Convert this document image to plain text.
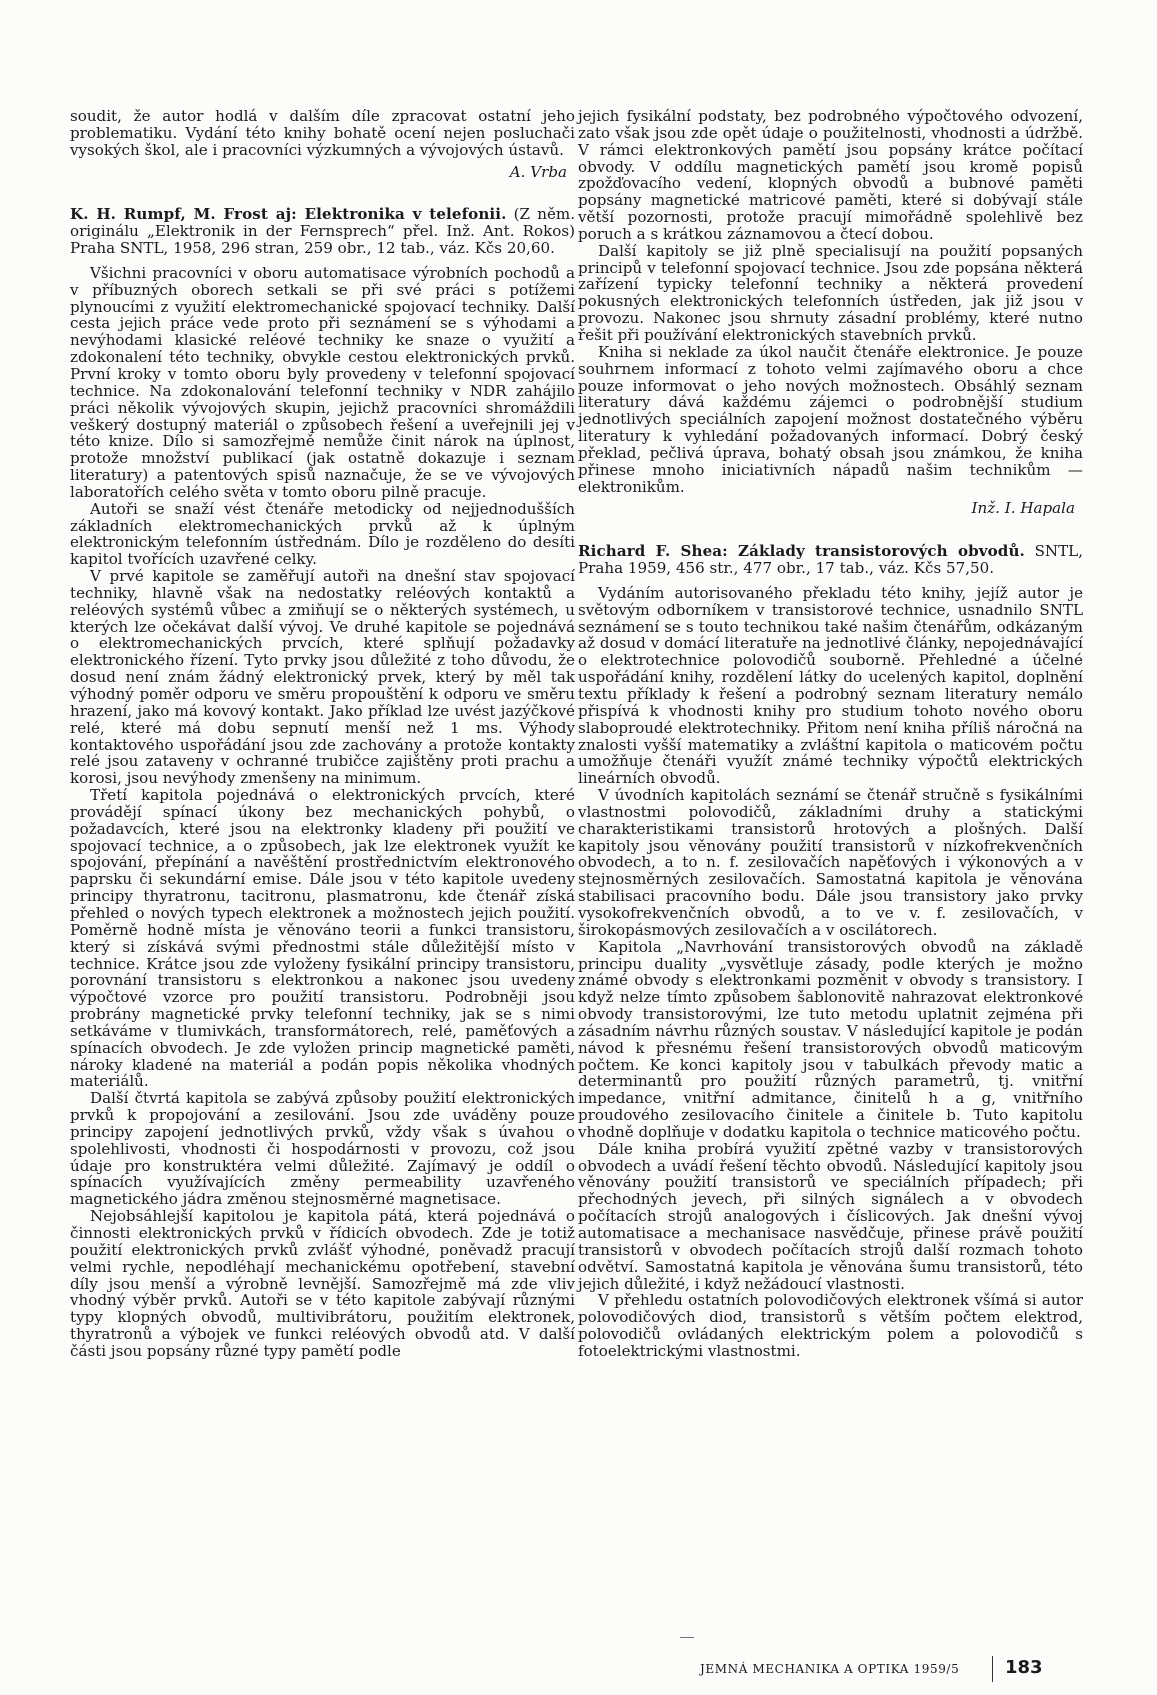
soudit, že autor hodlá v dalším díle zpracovat ostatní jeho problematiku. Vydání této knihy bohatě ocení nejen posluchači vysokých škol, ale i pracovníci výzkumných a vývojových ústavů.

A. Vrba

K. H. Rumpf, M. Frost aj: Elektronika v telefonii. (Z něm. originálu „Elektronik in der Fernsprech“ přel. Inž. Ant. Rokos) Praha SNTL, 1958, 296 stran, 259 obr., 12 tab., váz. Kčs 20,60.

Všichni pracovníci v oboru automatisace výrobních pochodů a v příbuzných oborech setkali se při své práci s potížemi plynoucími z využití elektromechanické spojovací techniky. Další cesta jejich práce vede proto při seznámení se s výhodami a nevýhodami klasické reléové techniky ke snaze o využití a zdokonalení této techniky, obvykle cestou elektronických prvků. První kroky v tomto oboru byly provedeny v telefonní spojovací technice. Na zdokonalování telefonní techniky v NDR zahájilo práci několik vývojových skupin, jejichž pracovníci shromáždili veškerý dostupný materiál o způsobech řešení a uveřejnili jej v této knize. Dílo si samozřejmě nemůže činit nárok na úplnost, protože množství publikací (jak ostatně dokazuje i seznam literatury) a patentových spisů naznačuje, že se ve vývojových laboratořích celého světa v tomto oboru pilně pracuje.

Autoři se snaží vést čtenáře metodicky od nejjednodušších základních elektromechanických prvků až k úplným elektronickým telefonním ústřednám. Dílo je rozděleno do desíti kapitol tvořících uzavřené celky.

V prvé kapitole se zaměřují autoři na dnešní stav spojovací techniky, hlavně však na nedostatky reléových kontaktů a reléových systémů vůbec a zmiňují se o některých systémech, u kterých lze očekávat další vývoj. Ve druhé kapitole se pojednává o elektromechanických prvcích, které splňují požadavky elektronického řízení. Tyto prvky jsou důležité z toho důvodu, že dosud není znám žádný elektronický prvek, který by měl tak výhodný poměr odporu ve směru propouštění k odporu ve směru hrazení, jako má kovový kontakt. Jako příklad lze uvést jazýčkové relé, které má dobu sepnutí menší než 1 ms. Výhody kontaktového uspořádání jsou zde zachovány a protože kontakty relé jsou zataveny v ochranné trubičce zajištěny proti prachu a korosi, jsou nevýhody zmenšeny na minimum.

Třetí kapitola pojednává o elektronických prvcích, které provádějí spínací úkony bez mechanických pohybů, o požadavcích, které jsou na elektronky kladeny při použití ve spojovací technice, a o způsobech, jak lze elektronek využít ke spojování, přepínání a navěštění prostřednictvím elektronového paprsku či sekundární emise. Dále jsou v této kapitole uvedeny principy thyratronu, tacitronu, plasmatronu, kde čtenář získá přehled o nových typech elektronek a možnostech jejich použití. Poměrně hodně místa je věnováno teorii a funkci transistoru, který si získává svými přednostmi stále důležitější místo v technice. Krátce jsou zde vyloženy fysikální principy transistoru, porovnání transistoru s elektronkou a nakonec jsou uvedeny výpočtové vzorce pro použití transistoru. Podrobněji jsou probrány magnetické prvky telefonní techniky, jak se s nimi setkáváme v tlumivkách, transformátorech, relé, paměťových a spínacích obvodech. Je zde vyložen princip magnetické paměti, nároky kladené na materiál a podán popis několika vhodných materiálů.

Další čtvrtá kapitola se zabývá způsoby použití elektronických prvků k propojování a zesilování. Jsou zde uváděny pouze principy zapojení jednotlivých prvků, vždy však s úvahou o spolehlivosti, vhodnosti či hospodárnosti v provozu, což jsou údaje pro konstruktéra velmi důležité. Zajímavý je oddíl o spínacích využívajících změny permeability uzavřeného magnetického jádra změnou stejnosměrné magnetisace.

Nejobsáhlejší kapitolou je kapitola pátá, která pojednává o činnosti elektronických prvků v řídicích obvodech. Zde je totiž použití elektronických prvků zvlášť výhodné, poněvadž pracují velmi rychle, nepodléhají mechanickému opotřebení, stavební díly jsou menší a výrobně levnější. Samozřejmě má zde vliv vhodný výběr prvků. Autoři se v této kapitole zabývají různými typy klopných obvodů, multivibrátoru, použitím elektronek, thyratronů a výbojek ve funkci reléových obvodů atd. V další části jsou popsány různé typy pamětí podle

jejich fysikální podstaty, bez podrobného výpočtového odvození, zato však jsou zde opět údaje o použitelnosti, vhodnosti a údržbě. V rámci elektronkových pamětí jsou popsány krátce počítací obvody. V oddílu magnetických pamětí jsou kromě popisů zpožďovacího vedení, klopných obvodů a bubnové paměti popsány magnetické matricové paměti, které si dobývají stále větší pozornosti, protože pracují mimořádně spolehlivě bez poruch a s krátkou záznamovou a čtecí dobou.

Další kapitoly se již plně specialisují na použití popsaných principů v telefonní spojovací technice. Jsou zde popsána některá zařízení typicky telefonní techniky a některá provedení pokusných elektronických telefonních ústředen, jak již jsou v provozu. Nakonec jsou shrnuty zásadní problémy, které nutno řešit při používání elektronických stavebních prvků.

Kniha si neklade za úkol naučit čtenáře elektronice. Je pouze souhrnem informací z tohoto velmi zajímavého oboru a chce pouze informovat o jeho nových možnostech. Obsáhlý seznam literatury dává každému zájemci o podrobnější studium jednotlivých speciálních zapojení možnost dostatečného výběru literatury k vyhledání požadovaných informací. Dobrý český překlad, pečlivá úprava, bohatý obsah jsou známkou, že kniha přinese mnoho iniciativních nápadů našim technikům — elektronikům.

Inž. I. Hapala

Richard F. Shea: Základy transistorových obvodů. SNTL, Praha 1959, 456 str., 477 obr., 17 tab., váz. Kčs 57,50.

Vydáním autorisovaného překladu této knihy, jejíž autor je světovým odborníkem v transistorové technice, usnadnilo SNTL seznámení se s touto technikou také našim čtenářům, odkázaným až dosud v domácí literatuře na jednotlivé články, nepojednávající o elektrotechnice polovodičů souborně. Přehledné a účelné uspořádání knihy, rozdělení látky do ucelených kapitol, doplnění textu příklady k řešení a podrobný seznam literatury nemálo přispívá k vhodnosti knihy pro studium tohoto nového oboru slaboproudé elektrotechniky. Přitom není kniha příliš náročná na znalosti vyšší matematiky a zvláštní kapitola o maticovém počtu umožňuje čtenáři využít známé techniky výpočtů elektrických lineárních obvodů.

V úvodních kapitolách seznámí se čtenář stručně s fysikálními vlastnostmi polovodičů, základními druhy a statickými charakteristikami transistorů hrotových a plošných. Další kapitoly jsou věnovány použití transistorů v nízkofrekvenčních obvodech, a to n. f. zesilovačích napěťových i výkonových a v stejnosměrných zesilovačích. Samostatná kapitola je věnována stabilisaci pracovního bodu. Dále jsou transistory jako prvky vysokofrekvenčních obvodů, a to ve v. f. zesilovačích, v širokopásmových zesilovačích a v oscilátorech.

Kapitola „Navrhování transistorových obvodů na základě principu duality „vysvětluje zásady, podle kterých je možno známé obvody s elektronkami pozměnit v obvody s transistory. I když nelze tímto způsobem šablonovitě nahrazovat elektronkové obvody transistorovými, lze tuto metodu uplatnit zejména při zásadním návrhu různých soustav. V následující kapitole je podán návod k přesnému řešení transistorových obvodů maticovým počtem. Ke konci kapitoly jsou v tabulkách převody matic a determinantů pro použití různých parametrů, tj. vnitřní impedance, vnitřní admitance, činitelů h a g, vnitřního proudového zesilovacího činitele a činitele b. Tuto kapitolu vhodně doplňuje v dodatku kapitola o technice maticového počtu.

Dále kniha probírá využití zpětné vazby v transistorových obvodech a uvádí řešení těchto obvodů. Následující kapitoly jsou věnovány použití transistorů ve speciálních případech; při přechodných jevech, při silných signálech a v obvodech počítacích strojů analogových i číslicových. Jak dnešní vývoj automatisace a mechanisace nasvědčuje, přinese právě použití transistorů v obvodech počítacích strojů další rozmach tohoto odvětví. Samostatná kapitola je věnována šumu transistorů, této jejich důležité, i když nežádoucí vlastnosti.

V přehledu ostatních polovodičových elektronek všímá si autor polovodičových diod, transistorů s větším počtem elektrod, polovodičů ovládaných elektrickým polem a polovodičů s fotoelektrickými vlastnostmi.

JEMNÁ MECHANIKA A OPTIKA 1959/5	183
